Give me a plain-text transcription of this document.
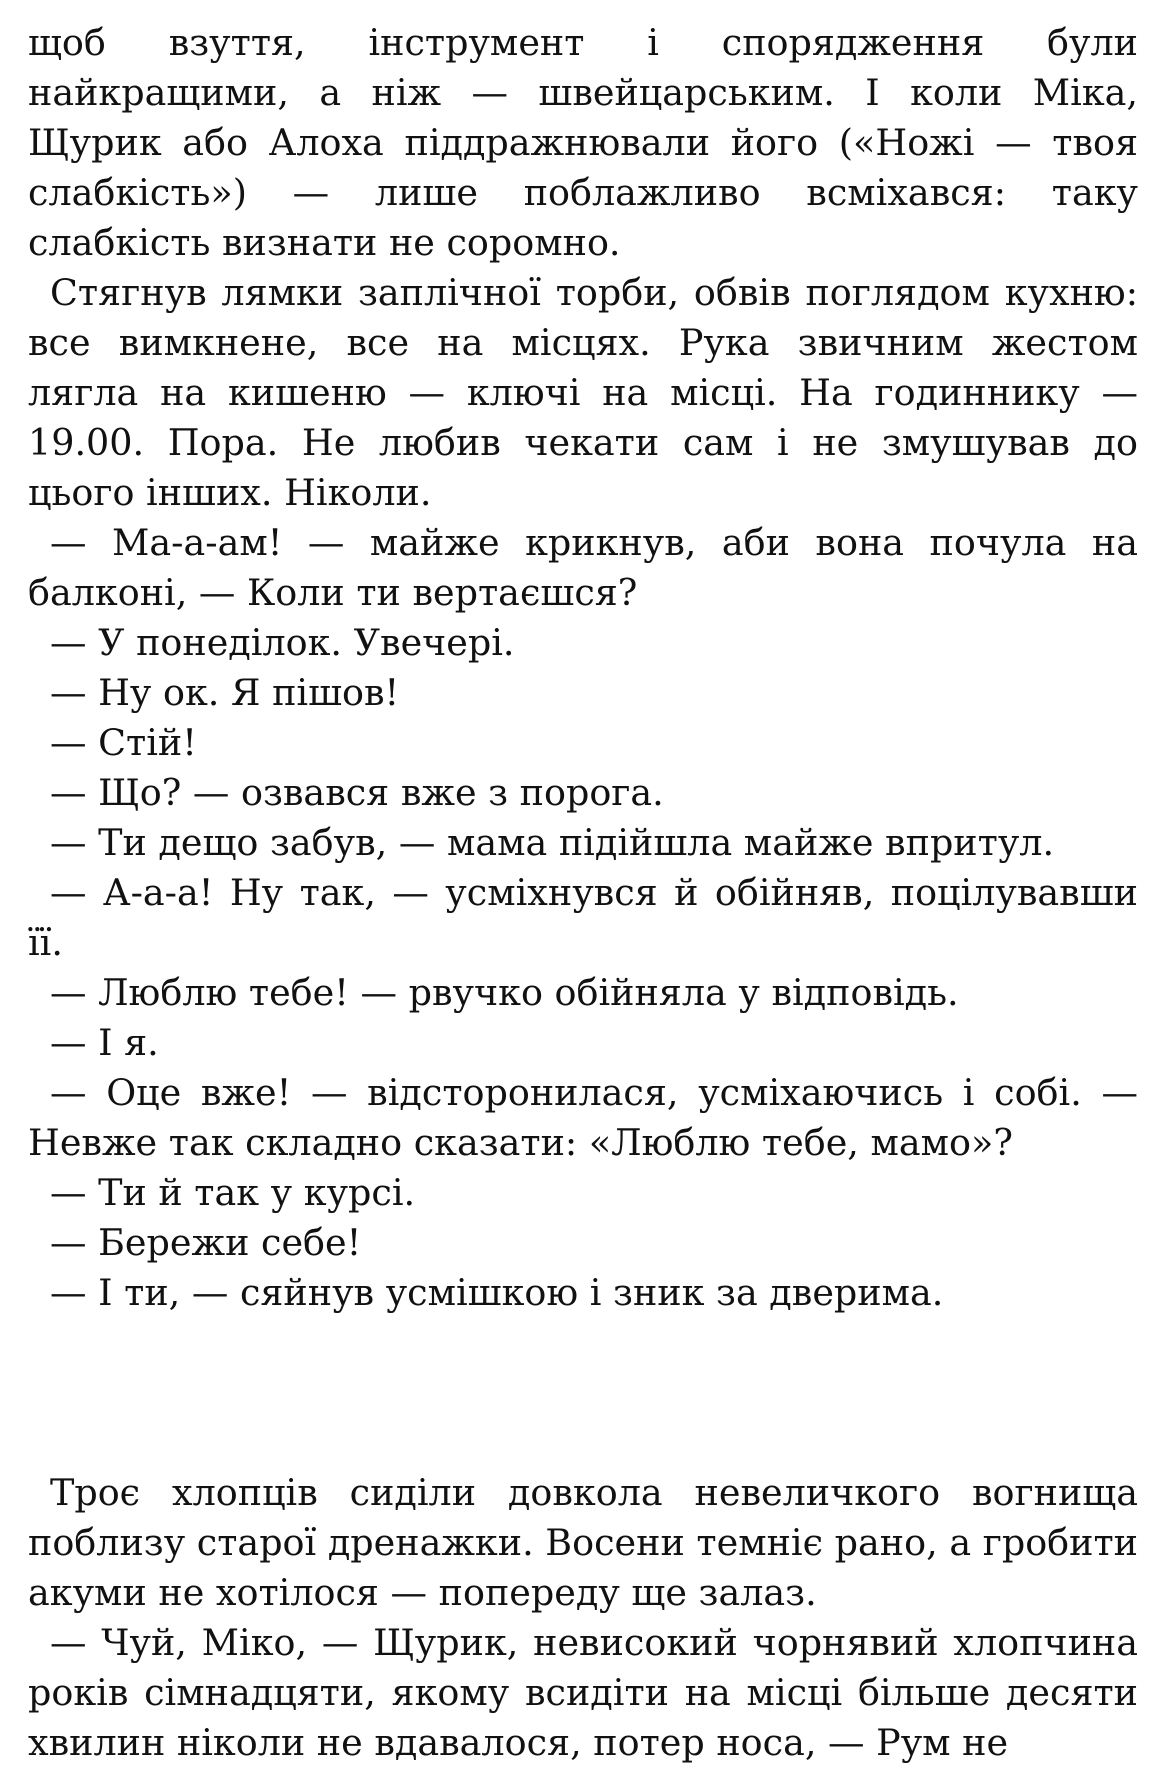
щоб взуття, інструмент і спорядження були найкращими, а ніж — швейцарським. І коли Міка, Щурик або Алоха піддражнювали його («Ножі — твоя слабкість») — лише поблажливо всміхався: таку слабкість визнати не соромно.

Стягнув лямки заплічної торби, обвів поглядом кухню: все вимкнене, все на місцях. Рука звичним жестом лягла на кишеню — ключі на місці. На годиннику — 19.00. Пора. Не любив чекати сам і не змушував до цього інших. Ніколи.

— Ма-а-ам! — майже крикнув, аби вона почула на балконі, — Коли ти вертаєшся?

— У понеділок. Увечері.

— Ну ок. Я пішов!

— Стій!

— Що? — озвався вже з порога.

— Ти дещо забув, — мама підійшла майже впритул.

— А-а-а! Ну так, — усміхнувся й обійняв, поцілувавши її.

— Люблю тебе! — рвучко обійняла у відповідь.

— І я.

— Оце вже! — відсторонилася, усміхаючись і собі. — Невже так складно сказати: «Люблю тебе, мамо»?

— Ти й так у курсі.

— Бережи себе!

— І ти, — сяйнув усмішкою і зник за дверима.

Троє хлопців сиділи довкола невеличкого вогнища поблизу старої дренажки. Восени темніє рано, а гробити акуми не хотілося — попереду ще залаз.

— Чуй, Міко, — Щурик, невисокий чорнявий хлопчина років сімнадцяти, якому всидіти на місці більше десяти хвилин ніколи не вдавалося, потер носа, — Рум не
